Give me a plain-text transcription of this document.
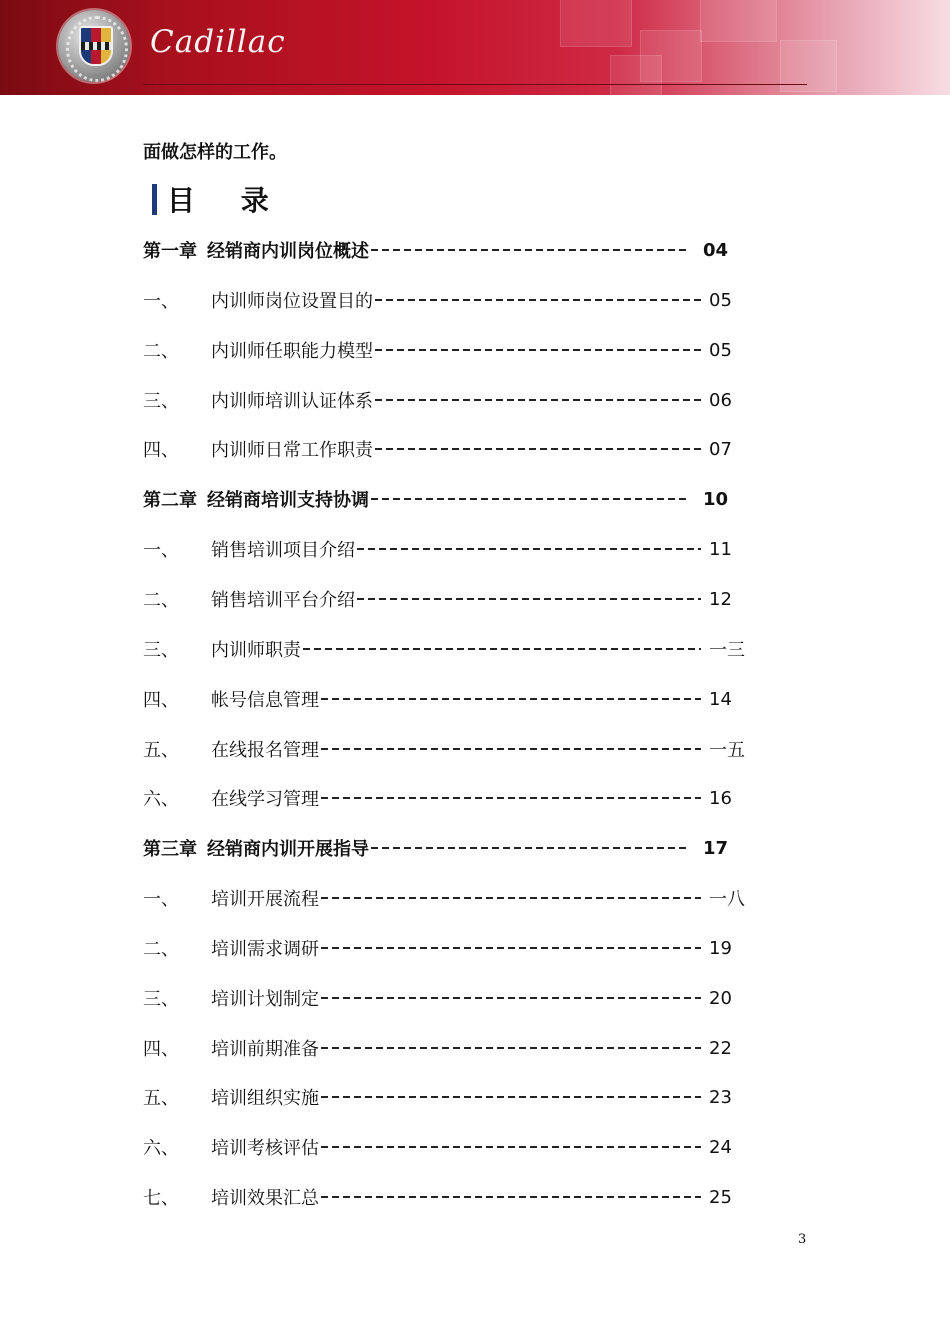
Cadillac
面做怎样的工作。
目 录
第一章 经销商内训岗位概述	04
一、	内训师岗位设置目的	05
二、	内训师任职能力模型	05
三、	内训师培训认证体系	06
四、	内训师日常工作职责	07
第二章 经销商培训支持协调	10
一、	销售培训项目介绍	11
二、	销售培训平台介绍	12
三、	内训师职责	一三
四、	帐号信息管理	14
五、	在线报名管理	一五
六、	在线学习管理	16
第三章 经销商内训开展指导	17
一、	培训开展流程	一八
二、	培训需求调研	19
三、	培训计划制定	20
四、	培训前期准备	22
五、	培训组织实施	23
六、	培训考核评估	24
七、	培训效果汇总	25
3
